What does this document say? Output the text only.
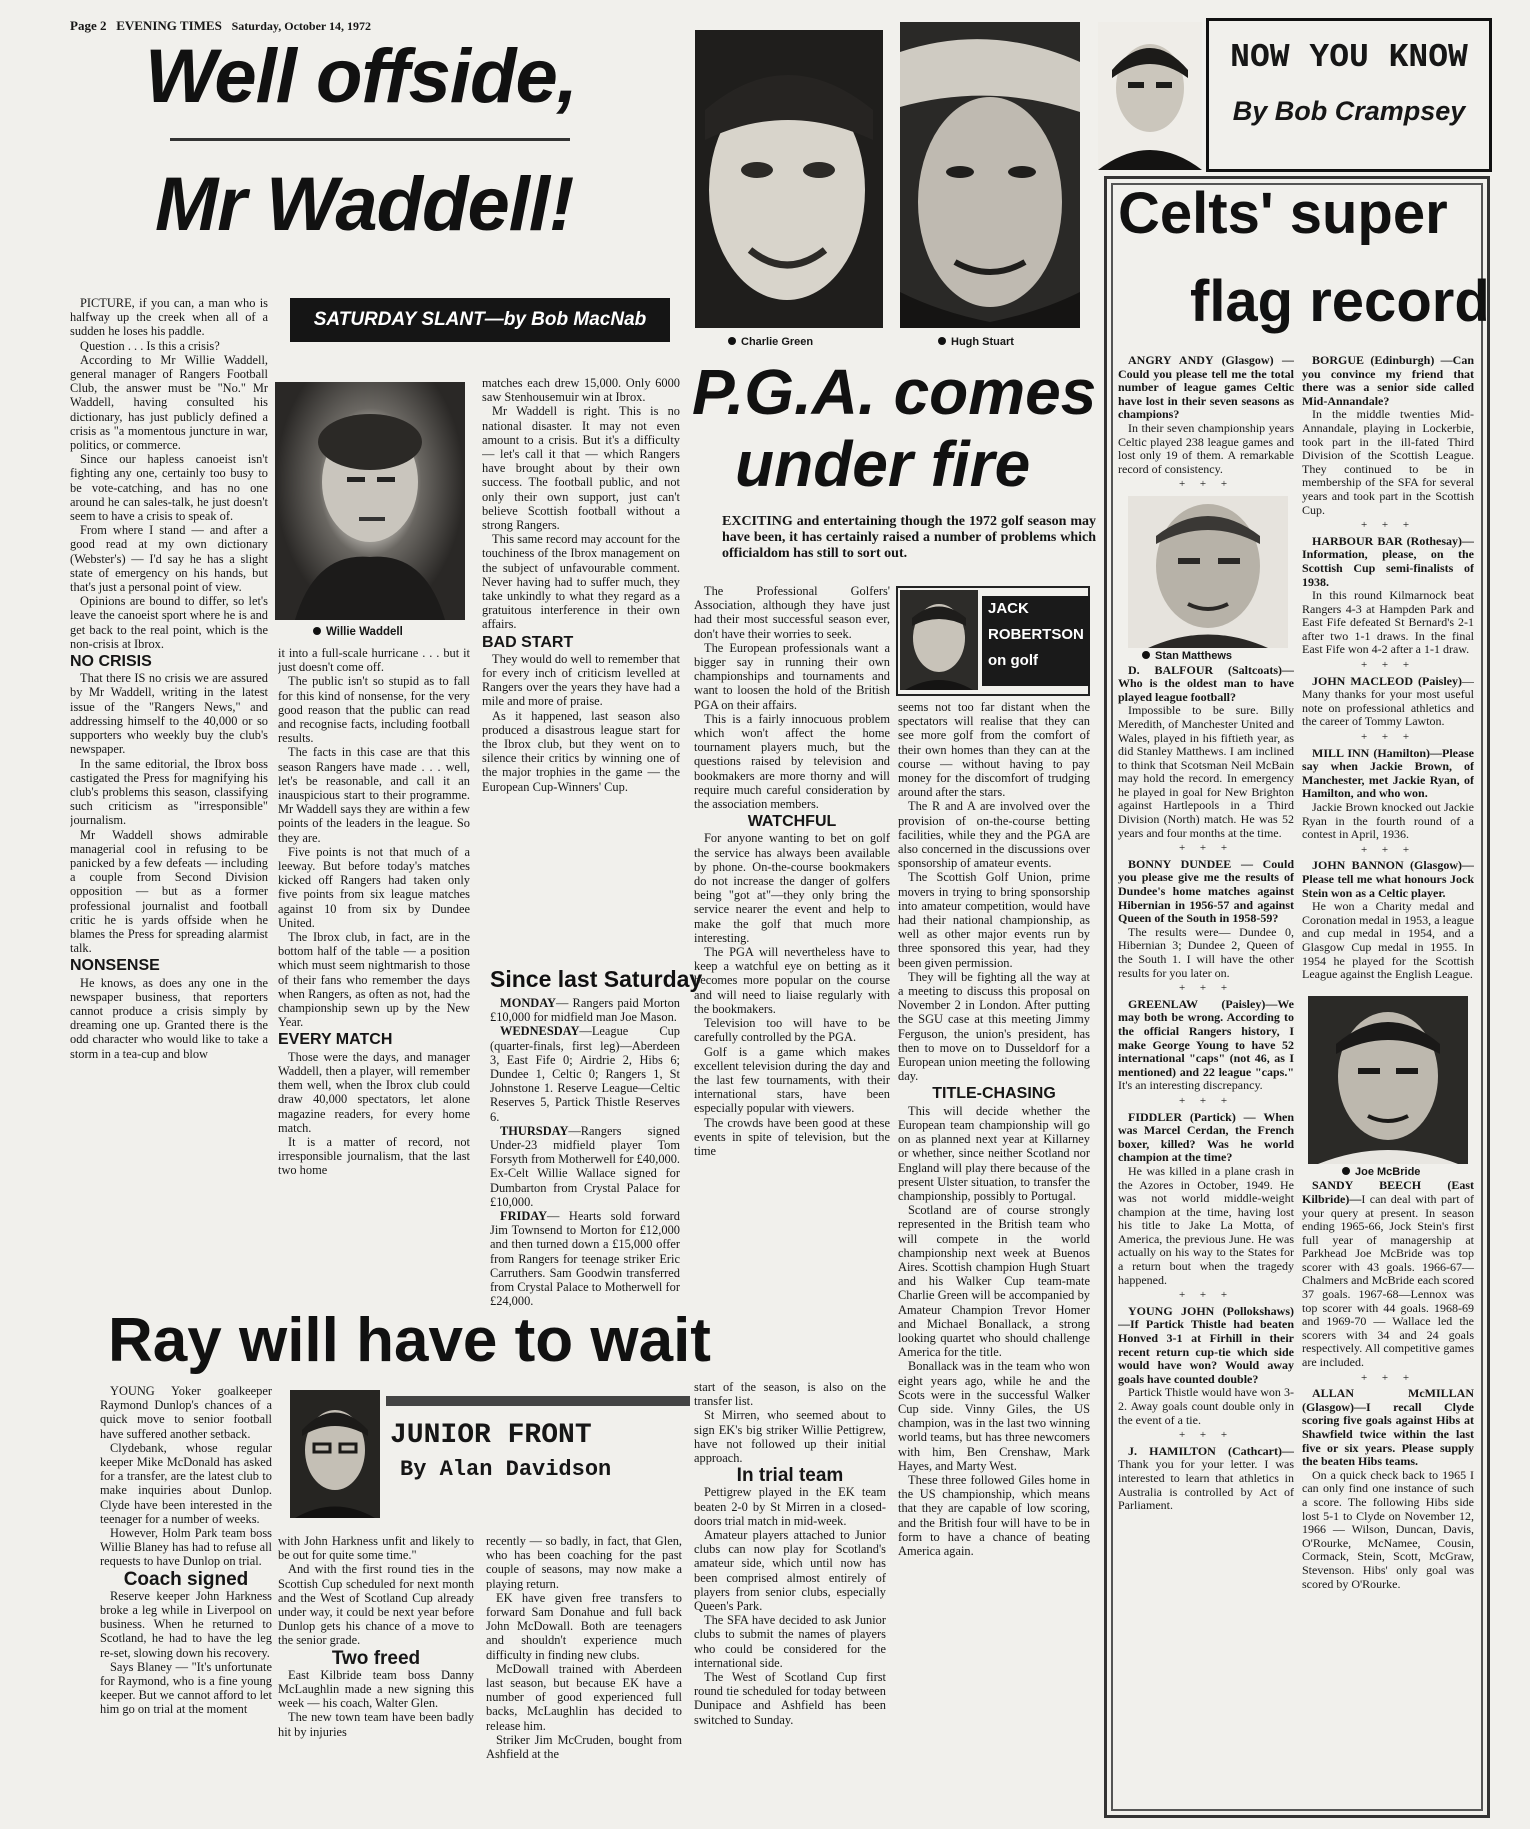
Page 2 EVENING TIMES Saturday, October 14, 1972
Well offside,
Mr Waddell!
SATURDAY SLANT—by Bob MacNab

PICTURE, if you can, a man who is halfway up the creek when all of a sudden he loses his paddle.

Question . . . Is this a crisis?

According to Mr Willie Waddell, general manager of Rangers Football Club, the answer must be "No." Mr Waddell, having consulted his dictionary, has just publicly defined a crisis as "a momentous juncture in war, politics, or commerce.

Since our hapless canoeist isn't fighting any one, certainly too busy to be vote-catching, and has no one around he can sales-talk, he just doesn't seem to have a crisis to speak of.

From where I stand — and after a good read at my own dictionary (Webster's) — I'd say he has a slight state of emergency on his hands, but that's just a personal point of view.

Opinions are bound to differ, so let's leave the canoeist sport where he is and get back to the real point, which is the non-crisis at Ibrox.

NO CRISIS

That there IS no crisis we are assured by Mr Waddell, writing in the latest issue of the "Rangers News," and addressing himself to the 40,000 or so supporters who weekly buy the club's newspaper.

In the same editorial, the Ibrox boss castigated the Press for magnifying his club's problems this season, classifying such criticism as "irresponsible" journalism.

Mr Waddell shows admirable managerial cool in refusing to be panicked by a few defeats — including a couple from Second Division opposition — but as a former professional journalist and football critic he is yards offside when he blames the Press for spreading alarmist talk.

NONSENSE

He knows, as does any one in the newspaper business, that reporters cannot produce a crisis simply by dreaming one up. Granted there is the odd character who would like to take a storm in a tea-cup and blow

Willie Waddell

it into a full-scale hurricane . . . but it just doesn't come off.

The public isn't so stupid as to fall for this kind of nonsense, for the very good reason that the public can read and recognise facts, including football results.

The facts in this case are that this season Rangers have made . . . well, let's be reasonable, and call it an inauspicious start to their programme. Mr Waddell says they are within a few points of the leaders in the league. So they are.

Five points is not that much of a leeway. But before today's matches kicked off Rangers had taken only five points from six league matches against 10 from six by Dundee United.

The Ibrox club, in fact, are in the bottom half of the table — a position which must seem nightmarish to those of their fans who remember the days when Rangers, as often as not, had the championship sewn up by the New Year.

EVERY MATCH

Those were the days, and manager Waddell, then a player, will remember them well, when the Ibrox club could draw 40,000 spectators, let alone magazine readers, for every home match.

It is a matter of record, not irresponsible journalism, that the last two home

matches each drew 15,000. Only 6000 saw Stenhousemuir win at Ibrox.

Mr Waddell is right. This is no national disaster. It may not even amount to a crisis. But it's a difficulty — let's call it that — which Rangers have brought about by their own success. The football public, and not only their own support, just can't believe Scottish football without a strong Rangers.

This same record may account for the touchiness of the Ibrox management on the subject of unfavourable comment. Never having had to suffer much, they take unkindly to what they regard as a gratuitous interference in their own affairs.

BAD START

They would do well to remember that for every inch of criticism levelled at Rangers over the years they have had a mile and more of praise.

As it happened, last season also produced a disastrous league start for the Ibrox club, but they went on to silence their critics by winning one of the major trophies in the game — the European Cup-Winners' Cup.

Since last Saturday

MONDAY— Rangers paid Morton £10,000 for midfield man Joe Mason.

WEDNESDAY—League Cup (quarter-finals, first leg)—Aberdeen 3, East Fife 0; Airdrie 2, Hibs 6; Dundee 1, Celtic 0; Rangers 1, St Johnstone 1. Reserve League—Celtic Reserves 5, Partick Thistle Reserves 6.

THURSDAY—Rangers signed Under-23 midfield player Tom Forsyth from Motherwell for £40,000. Ex-Celt Willie Wallace signed for Dumbarton from Crystal Palace for £10,000.

FRIDAY— Hearts sold forward Jim Townsend to Morton for £12,000 and then turned down a £15,000 offer from Rangers for teenage striker Eric Carruthers. Sam Goodwin transferred from Crystal Palace to Motherwell for £24,000.

Charlie Green	Hugh Stuart
P.G.A. comes
under fire
EXCITING and entertaining though the 1972 golf season may have been, it has certainly raised a number of problems which officialdom has still to sort out.

The Professional Golfers' Association, although they have just had their most successful season ever, don't have their worries to seek.

The European professionals want a bigger say in running their own championships and tournaments and want to loosen the hold of the British PGA on their affairs.

This is a fairly innocuous problem which won't affect the home tournament players much, but the questions raised by television and bookmakers are more thorny and will require much careful consideration by the association members.

WATCHFUL

For anyone wanting to bet on golf the service has always been available by phone. On-the-course bookmakers do not increase the danger of golfers being "got at"—they only bring the service nearer the event and help to make the golf that much more interesting.

The PGA will nevertheless have to keep a watchful eye on betting as it becomes more popular on the course and will need to liaise regularly with the bookmakers.

Television too will have to be carefully controlled by the PGA.

Golf is a game which makes excellent television during the day and the last few tournaments, with their international stars, have been especially popular with viewers.

The crowds have been good at these events in spite of television, but the time

JACK
ROBERTSON
on golf

seems not too far distant when the spectators will realise that they can see more golf from the comfort of their own homes than they can at the course — without having to pay money for the discomfort of trudging around after the stars.

The R and A are involved over the provision of on-the-course betting facilities, while they and the PGA are also concerned in the discussions over sponsorship of amateur events.

The Scottish Golf Union, prime movers in trying to bring sponsorship into amateur competition, would have had their national championship, as well as other major events run by three sponsored this year, had they been given permission.

They will be fighting all the way at a meeting to discuss this proposal on November 2 in London. After putting the SGU case at this meeting Jimmy Ferguson, the union's president, has then to move on to Dusseldorf for a European union meeting the following day.

TITLE-CHASING

This will decide whether the European team championship will go on as planned next year at Killarney or whether, since neither Scotland nor England will play there because of the present Ulster situation, to transfer the championship, possibly to Portugal.

Scotland are of course strongly represented in the British team who will compete in the world championship next week at Buenos Aires. Scottish champion Hugh Stuart and his Walker Cup team-mate Charlie Green will be accompanied by Amateur Champion Trevor Homer and Michael Bonallack, a strong looking quartet who should challenge America for the title.

Bonallack was in the team who won eight years ago, while he and the Scots were in the successful Walker Cup side. Vinny Giles, the US champion, was in the last two winning world teams, but has three newcomers with him, Ben Crenshaw, Mark Hayes, and Marty West.

These three followed Giles home in the US championship, which means that they are capable of low scoring, and the British four will have to be in form to have a chance of beating America again.

Ray will have to wait

YOUNG Yoker goalkeeper Raymond Dunlop's chances of a quick move to senior football have suffered another setback.

Clydebank, whose regular keeper Mike McDonald has asked for a transfer, are the latest club to make inquiries about Dunlop. Clyde have been interested in the teenager for a number of weeks.

However, Holm Park team boss Willie Blaney has had to refuse all requests to have Dunlop on trial.

Coach signed

Reserve keeper John Harkness broke a leg while in Liverpool on business. When he returned to Scotland, he had to have the leg re-set, slowing down his recovery.

Says Blaney — "It's unfortunate for Raymond, who is a fine young keeper. But we cannot afford to let him go on trial at the moment

JUNIOR FRONT
By Alan Davidson

with John Harkness unfit and likely to be out for quite some time."

And with the first round ties in the Scottish Cup scheduled for next month and the West of Scotland Cup already under way, it could be next year before Dunlop gets his chance of a move to the senior grade.

Two freed

East Kilbride team boss Danny McLaughlin made a new signing this week — his coach, Walter Glen.

The new town team have been badly hit by injuries

recently — so badly, in fact, that Glen, who has been coaching for the past couple of seasons, may now make a playing return.

EK have given free transfers to forward Sam Donahue and full back John McDowall. Both are teenagers and shouldn't experience much difficulty in finding new clubs.

McDowall trained with Aberdeen last season, but because EK have a number of good experienced full backs, McLaughlin has decided to release him.

Striker Jim McCruden, bought from Ashfield at the

start of the season, is also on the transfer list.

St Mirren, who seemed about to sign EK's big striker Willie Pettigrew, have not followed up their initial approach.

In trial team

Pettigrew played in the EK team beaten 2-0 by St Mirren in a closed-doors trial match in mid-week.

Amateur players attached to Junior clubs can now play for Scotland's amateur side, which until now has been comprised almost entirely of players from senior clubs, especially Queen's Park.

The SFA have decided to ask Junior clubs to submit the names of players who could be considered for the international side.

The West of Scotland Cup first round tie scheduled for today between Dunipace and Ashfield has been switched to Sunday.

NOW YOU KNOW
By Bob Crampsey
Celts' super
flag record

ANGRY ANDY (Glasgow) — Could you please tell me the total number of league games Celtic have lost in their seven seasons as champions?

In their seven championship years Celtic played 238 league games and lost only 19 of them. A remarkable record of consistency.

+ + +

Stan Matthews

D. BALFOUR (Saltcoats)—Who is the oldest man to have played league football?

Impossible to be sure. Billy Meredith, of Manchester United and Wales, played in his fiftieth year, as did Stanley Matthews. I am inclined to think that Scotsman Neil McBain may hold the record. In emergency he played in goal for New Brighton against Hartlepools in a Third Division (North) match. He was 52 years and four months at the time.

+ + +

BONNY DUNDEE — Could you please give me the results of Dundee's home matches against Hibernian in 1956-57 and against Queen of the South in 1958-59?

The results were— Dundee 0, Hibernian 3; Dundee 2, Queen of the South 1. I will have the other results for you later on.

+ + +

GREENLAW (Paisley)—We may both be wrong. According to the official Rangers history, I make George Young to have 52 international "caps" (not 46, as I mentioned) and 22 league "caps." It's an interesting discrepancy.

+ + +

FIDDLER (Partick) — When was Marcel Cerdan, the French boxer, killed? Was he world champion at the time?

He was killed in a plane crash in the Azores in October, 1949. He was not world middle-weight champion at the time, having lost his title to Jake La Motta, of America, the previous June. He was actually on his way to the States for a return bout when the tragedy happened.

+ + +

YOUNG JOHN (Pollokshaws)—If Partick Thistle had beaten Honved 3-1 at Firhill in their recent return cup-tie which side would have won? Would away goals have counted double?

Partick Thistle would have won 3-2. Away goals count double only in the event of a tie.

+ + +

J. HAMILTON (Cathcart)—Thank you for your letter. I was interested to learn that athletics in Australia is controlled by Act of Parliament.

BORGUE (Edinburgh) —Can you convince my friend that there was a senior side called Mid-Annandale?

In the middle twenties Mid-Annandale, playing in Lockerbie, took part in the ill-fated Third Division of the Scottish League. They continued to be in membership of the SFA for several years and took part in the Scottish Cup.

+ + +

HARBOUR BAR (Rothesay)—Information, please, on the Scottish Cup semi-finalists of 1938.

In this round Kilmarnock beat Rangers 4-3 at Hampden Park and East Fife defeated St Bernard's 2-1 after two 1-1 draws. In the final East Fife won 4-2 after a 1-1 draw.

+ + +

JOHN MACLEOD (Paisley)— Many thanks for your most useful note on professional athletics and the career of Tommy Lawton.

+ + +

MILL INN (Hamilton)—Please say when Jackie Brown, of Manchester, met Jackie Ryan, of Hamilton, and who won.

Jackie Brown knocked out Jackie Ryan in the fourth round of a contest in April, 1936.

+ + +

JOHN BANNON (Glasgow)—Please tell me what honours Jock Stein won as a Celtic player.

He won a Charity medal and Coronation medal in 1953, a league and cup medal in 1954, and a Glasgow Cup medal in 1955. In 1954 he played for the Scottish League against the English League.

Joe McBride

SANDY BEECH (East Kilbride)—I can deal with part of your query at present. In season ending 1965-66, Jock Stein's first full year of managership at Parkhead Joe McBride was top scorer with 43 goals. 1966-67—Chalmers and McBride each scored 37 goals. 1967-68—Lennox was top scorer with 44 goals. 1968-69 and 1969-70 — Wallace led the scorers with 34 and 24 goals respectively. All competitive games are included.

+ + +

ALLAN McMILLAN (Glasgow)—I recall Clyde scoring five goals against Hibs at Shawfield twice within the last five or six years. Please supply the beaten Hibs teams.

On a quick check back to 1965 I can only find one instance of such a score. The following Hibs side lost 5-1 to Clyde on November 12, 1966 — Wilson, Duncan, Davis, O'Rourke, McNamee, Cousin, Cormack, Stein, Scott, McGraw, Stevenson. Hibs' only goal was scored by O'Rourke.
